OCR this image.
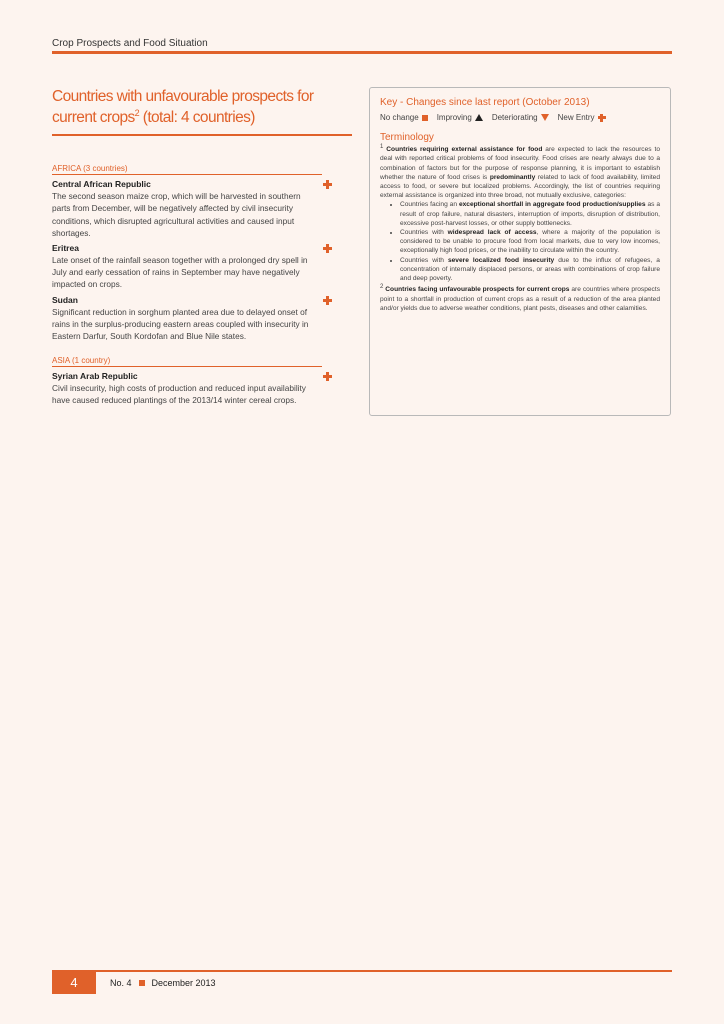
Crop Prospects and Food Situation
Countries with unfavourable prospects for
current crops$^2$ (total: 4 countries)
AFRICA (3 countries)
Central African Republic
The second season maize crop, which will be harvested in southern parts from December, will be negatively affected by civil insecurity conditions, which disrupted agricultural activities and caused input shortages.
Eritrea
Late onset of the rainfall season together with a prolonged dry spell in July and early cessation of rains in September may have negatively impacted on crops.
Sudan
Significant reduction in sorghum planted area due to delayed onset of rains in the surplus-producing eastern areas coupled with insecurity in Eastern Darfur, South Kordofan and Blue Nile states.
ASIA (1 country)
Syrian Arab Republic
Civil insecurity, high costs of production and reduced input availability have caused reduced plantings of the 2013/14 winter cereal crops.
Key - Changes since last report (October 2013)
No change Improving	Deteriorating	New Entry
Terminology

$^1$ Countries requiring external assistance for food are expected to lack the resources to deal with reported critical problems of food insecurity. Food crises are nearly always due to a combination of factors but for the purpose of response planning, it is important to establish whether the nature of food crises is predominantly related to lack of food availability, limited access to food, or severe but localized problems. Accordingly, the list of countries requiring external assistance is organized into three broad, not mutually exclusive, categories:

• Countries facing an exceptional shortfall in aggregate food production/supplies as a result of crop failure, natural disasters, interruption of imports, disruption of distribution, excessive post-harvest losses, or other supply bottlenecks.
• Countries with widespread lack of access, where a majority of the population is considered to be unable to procure food from local markets, due to very low incomes, exceptionally high food prices, or the inability to circulate within the country.
• Countries with severe localized food insecurity due to the influx of refugees, a concentration of internally displaced persons, or areas with combinations of crop failure and deep poverty.

$^2$ Countries facing unfavourable prospects for current crops are countries where prospects point to a shortfall in production of current crops as a result of a reduction of the area planted and/or yields due to adverse weather conditions, plant pests, diseases and other calamities.

4	No. 4 December 2013
